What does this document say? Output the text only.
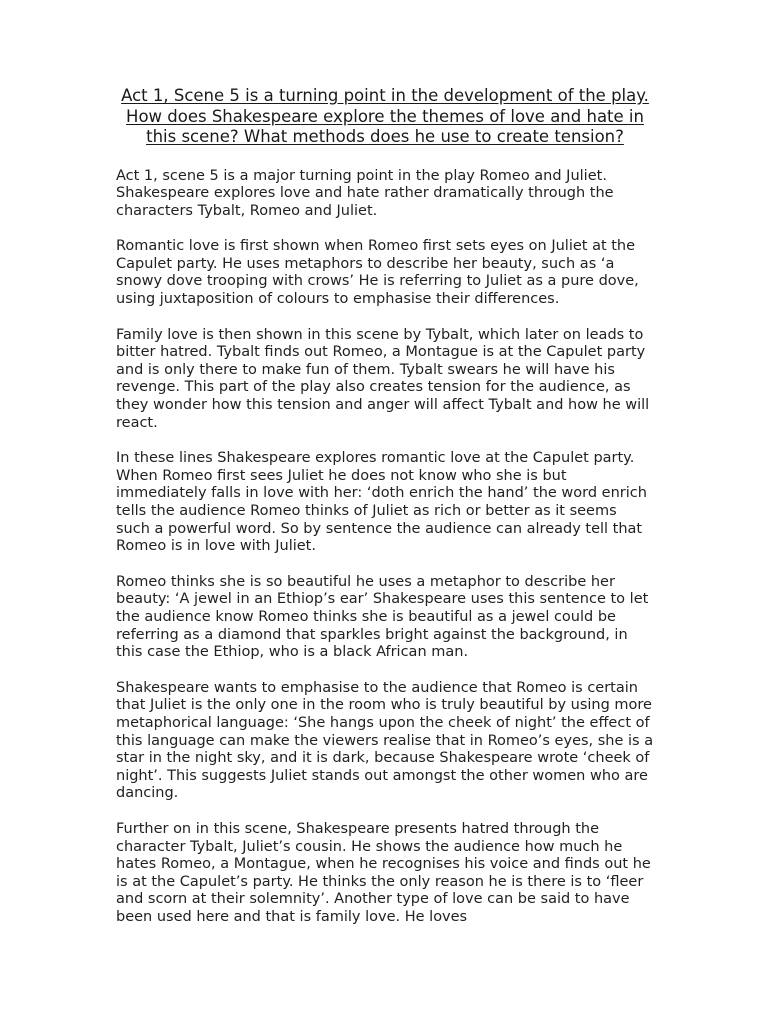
Act 1, Scene 5 is a turning point in the development of the play. How does Shakespeare explore the themes of love and hate in this scene? What methods does he use to create tension?

Act 1, scene 5 is a major turning point in the play Romeo and Juliet. Shakespeare explores love and hate rather dramatically through the characters Tybalt, Romeo and Juliet.

Romantic love is first shown when Romeo first sets eyes on Juliet at the Capulet party. He uses metaphors to describe her beauty, such as ‘a snowy dove trooping with crows’ He is referring to Juliet as a pure dove, using juxtaposition of colours to emphasise their differences.

Family love is then shown in this scene by Tybalt, which later on leads to bitter hatred. Tybalt finds out Romeo, a Montague is at the Capulet party and is only there to make fun of them. Tybalt swears he will have his revenge. This part of the play also creates tension for the audience, as they wonder how this tension and anger will affect Tybalt and how he will react.

In these lines Shakespeare explores romantic love at the Capulet party. When Romeo first sees Juliet he does not know who she is but immediately falls in love with her: ‘doth enrich the hand’ the word enrich tells the audience Romeo thinks of Juliet as rich or better as it seems such a powerful word. So by sentence the audience can already tell that Romeo is in love with Juliet.

Romeo thinks she is so beautiful he uses a metaphor to describe her beauty: ‘A jewel in an Ethiop’s ear’ Shakespeare uses this sentence to let the audience know Romeo thinks she is beautiful as a jewel could be referring as a diamond that sparkles bright against the background, in this case the Ethiop, who is a black African man.

Shakespeare wants to emphasise to the audience that Romeo is certain that Juliet is the only one in the room who is truly beautiful by using more metaphorical language: ‘She hangs upon the cheek of night’ the effect of this language can make the viewers realise that in Romeo’s eyes, she is a star in the night sky, and it is dark, because Shakespeare wrote ‘cheek of night’. This suggests Juliet stands out amongst the other women who are dancing.

Further on in this scene, Shakespeare presents hatred through the character Tybalt, Juliet’s cousin. He shows the audience how much he hates Romeo, a Montague, when he recognises his voice and finds out he is at the Capulet’s party. He thinks the only reason he is there is to ‘fleer and scorn at their solemnity’. Another type of love can be said to have been used here and that is family love. He loves
